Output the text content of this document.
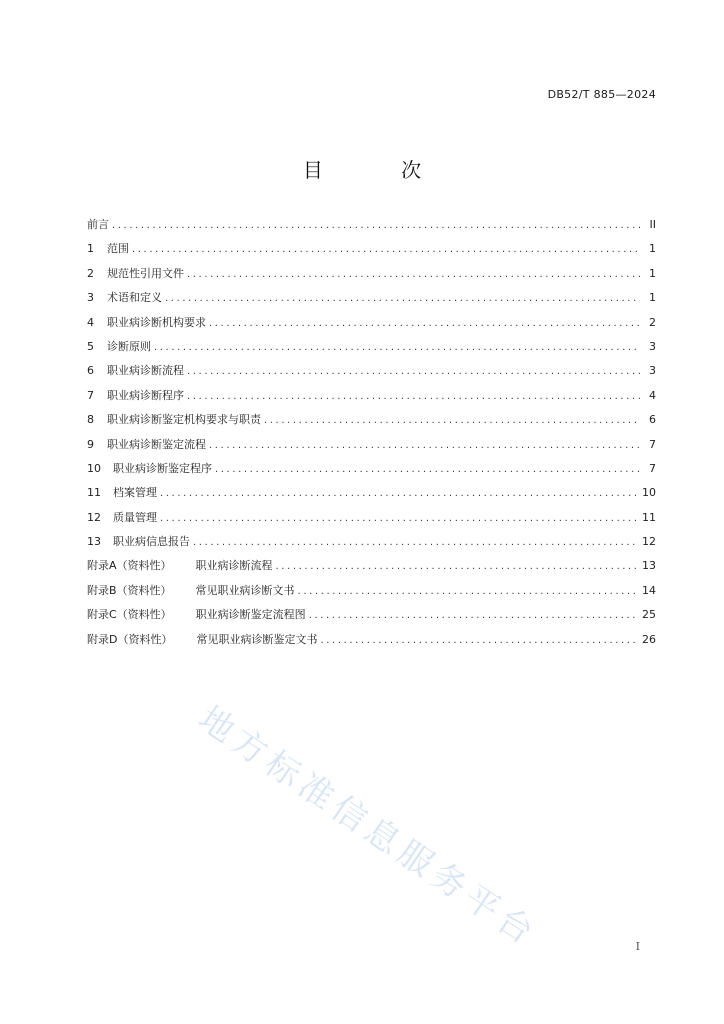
DB52/T 885—2024
目 次
前言 .....	II
1 范围 .....	1
2 规范性引用文件 .....	1
3 术语和定义 .....	1
4 职业病诊断机构要求 .....	2
5 诊断原则 .....	3
6 职业病诊断流程 .....	3
7 职业病诊断程序 .....	4
8 职业病诊断鉴定机构要求与职责 .....	6
9 职业病诊断鉴定流程 .....	7
10 职业病诊断鉴定程序 .....	7
11 档案管理 .....	10
12 质量管理 .....	11
13 职业病信息报告 .....	12
附录A（资料性） 职业病诊断流程 .....	13
附录B（资料性） 常见职业病诊断文书 .....	14
附录C（资料性） 职业病诊断鉴定流程图 .....	25
附录D（资料性） 常见职业病诊断鉴定文书 .....	26
地方标准信息服务平台	I
